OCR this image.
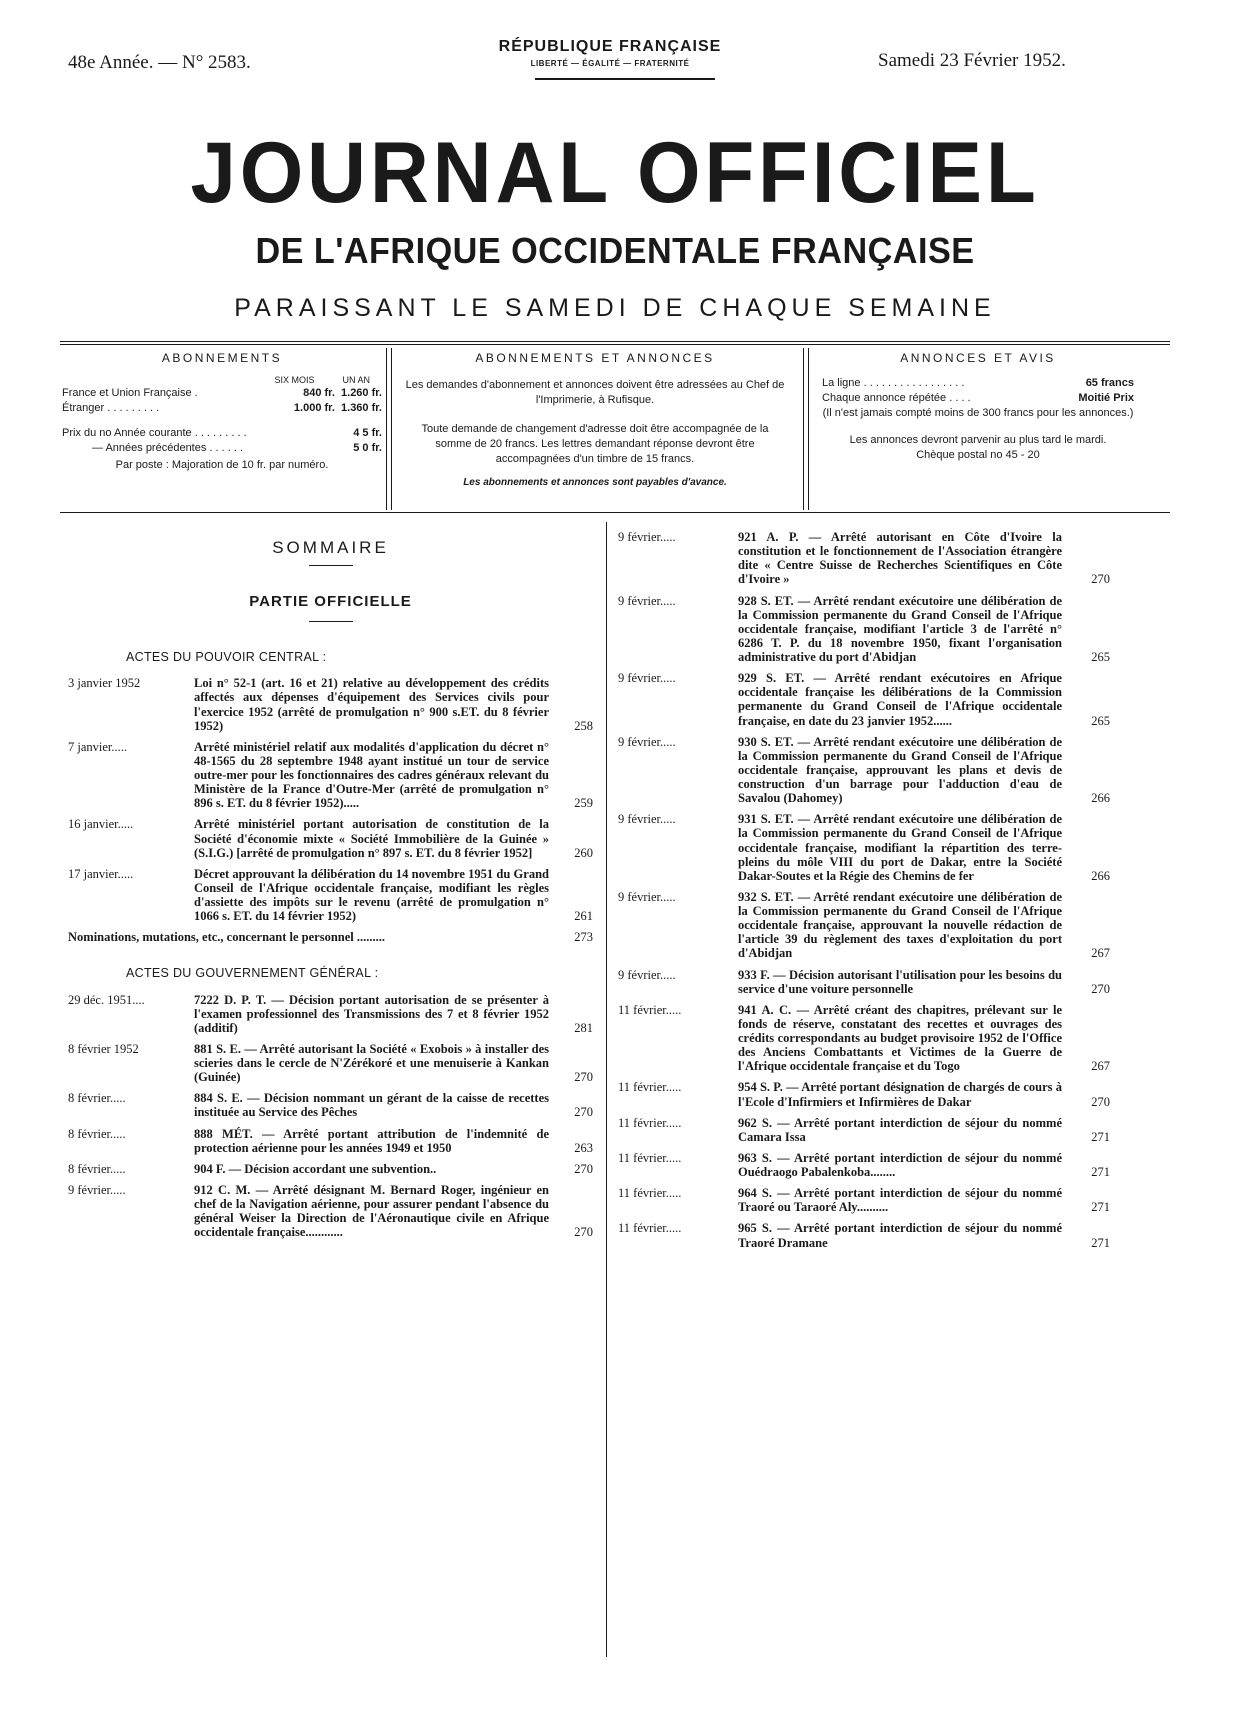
48e Année. — N° 2583.
RÉPUBLIQUE FRANÇAISE
LIBERTÉ — ÉGALITÉ — FRATERNITÉ	Samedi 23 Février 1952.
JOURNAL OFFICIEL
DE L'AFRIQUE OCCIDENTALE FRANÇAISE
PARAISSANT LE SAMEDI DE CHAQUE SEMAINE
ABONNEMENTS
SIX MOIS	UN AN
France et Union Française .	840 fr. 1.260 fr.
Étranger . . . . . . . . .	1.000 fr. 1.360 fr.
Prix du no Année courante . . . . . . . . .	4 5 fr.
— Années précédentes . . . . . .	5 0 fr.
Par poste : Majoration de 10 fr. par numéro.
ABONNEMENTS ET ANNONCES
Les demandes d'abonnement et annonces doivent être adressées au Chef de l'Imprimerie, à Rufisque.
Toute demande de changement d'adresse doit être accompagnée de la somme de 20 francs. Les lettres demandant réponse devront être accompagnées d'un timbre de 15 francs.
Les abonnements et annonces sont payables d'avance.
ANNONCES ET AVIS
La ligne . . . . . . . . . . . . . . . . .	65 francs
Chaque annonce répétée . . . .	Moitié Prix
(Il n'est jamais compté moins de 300 francs pour les annonces.)
Les annonces devront parvenir au plus tard le mardi.
Chèque postal no 45 - 20
SOMMAIRE
PARTIE OFFICIELLE
ACTES DU POUVOIR CENTRAL :
3 janvier 1952	Loi n° 52-1 (art. 16 et 21) relative au développement des crédits affectés aux dépenses d'équipement des Services civils pour l'exercice 1952 (arrêté de promulgation n° 900 s.ET. du 8 février 1952)	258
7 janvier.....	Arrêté ministériel relatif aux modalités d'application du décret n° 48-1565 du 28 septembre 1948 ayant institué un tour de service outre-mer pour les fonctionnaires des cadres généraux relevant du Ministère de la France d'Outre-Mer (arrêté de promulgation n° 896 s. ET. du 8 février 1952).....	259
16 janvier.....	Arrêté ministériel portant autorisation de constitution de la Société d'économie mixte « Société Immobilière de la Guinée » (S.I.G.) [arrêté de promulgation n° 897 s. ET. du 8 février 1952]	260
17 janvier.....	Décret approuvant la délibération du 14 novembre 1951 du Grand Conseil de l'Afrique occidentale française, modifiant les règles d'assiette des impôts sur le revenu (arrêté de promulgation n° 1066 s. ET. du 14 février 1952)	261
Nominations, mutations, etc., concernant le personnel .........	273
ACTES DU GOUVERNEMENT GÉNÉRAL :
29 déc. 1951....	7222 D. P. T. — Décision portant autorisation de se présenter à l'examen professionnel des Transmissions des 7 et 8 février 1952 (additif)	281
8 février 1952	881 S. E. — Arrêté autorisant la Société « Exobois » à installer des scieries dans le cercle de N'Zérékoré et une menuiserie à Kankan (Guinée)	270
8 février.....	884 S. E. — Décision nommant un gérant de la caisse de recettes instituée au Service des Pêches	270
8 février.....	888 MÉT. — Arrêté portant attribution de l'indemnité de protection aérienne pour les années 1949 et 1950	263
8 février.....	904 F. — Décision accordant une subvention..	270
9 février.....	912 C. M. — Arrêté désignant M. Bernard Roger, ingénieur en chef de la Navigation aérienne, pour assurer pendant l'absence du général Weiser la Direction de l'Aéronautique civile en Afrique occidentale française............	270
9 février.....	921 A. P. — Arrêté autorisant en Côte d'Ivoire la constitution et le fonctionnement de l'Association étrangère dite « Centre Suisse de Recherches Scientifiques en Côte d'Ivoire »	270
9 février.....	928 S. ET. — Arrêté rendant exécutoire une délibération de la Commission permanente du Grand Conseil de l'Afrique occidentale française, modifiant l'article 3 de l'arrêté n° 6286 T. P. du 18 novembre 1950, fixant l'organisation administrative du port d'Abidjan	265
9 février.....	929 S. ET. — Arrêté rendant exécutoires en Afrique occidentale française les délibérations de la Commission permanente du Grand Conseil de l'Afrique occidentale française, en date du 23 janvier 1952......	265
9 février.....	930 S. ET. — Arrêté rendant exécutoire une délibération de la Commission permanente du Grand Conseil de l'Afrique occidentale française, approuvant les plans et devis de construction d'un barrage pour l'adduction d'eau de Savalou (Dahomey)	266
9 février.....	931 S. ET. — Arrêté rendant exécutoire une délibération de la Commission permanente du Grand Conseil de l'Afrique occidentale française, modifiant la répartition des terre-pleins du môle VIII du port de Dakar, entre la Société Dakar-Soutes et la Régie des Chemins de fer	266
9 février.....	932 S. ET. — Arrêté rendant exécutoire une délibération de la Commission permanente du Grand Conseil de l'Afrique occidentale française, approuvant la nouvelle rédaction de l'article 39 du règlement des taxes d'exploitation du port d'Abidjan	267
9 février.....	933 F. — Décision autorisant l'utilisation pour les besoins du service d'une voiture personnelle	270
11 février.....	941 A. C. — Arrêté créant des chapitres, prélevant sur le fonds de réserve, constatant des recettes et ouvrages des crédits correspondants au budget provisoire 1952 de l'Office des Anciens Combattants et Victimes de la Guerre de l'Afrique occidentale française et du Togo	267
11 février.....	954 S. P. — Arrêté portant désignation de chargés de cours à l'Ecole d'Infirmiers et Infirmières de Dakar	270
11 février.....	962 S. — Arrêté portant interdiction de séjour du nommé Camara Issa	271
11 février.....	963 S. — Arrêté portant interdiction de séjour du nommé Ouédraogo Pabalenkoba........	271
11 février.....	964 S. — Arrêté portant interdiction de séjour du nommé Traoré ou Taraoré Aly..........	271
11 février.....	965 S. — Arrêté portant interdiction de séjour du nommé Traoré Dramane	271
